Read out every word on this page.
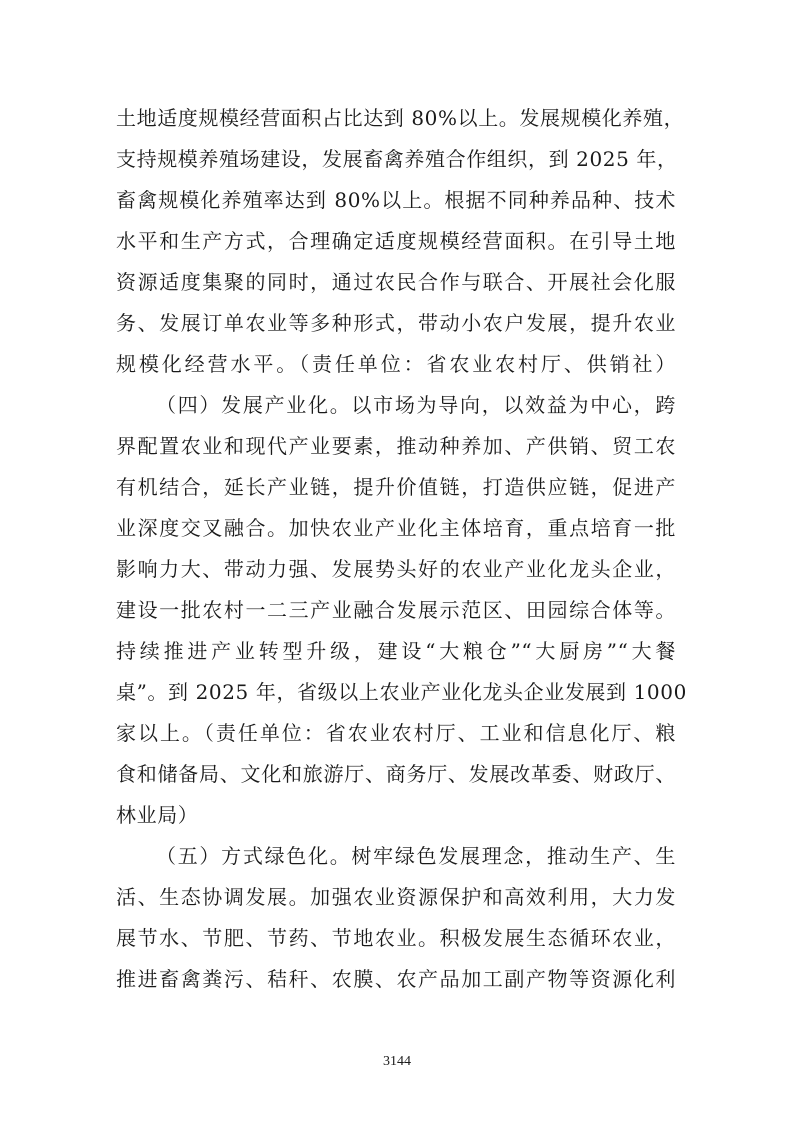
土地适度规模经营面积占比达到 80%以上。发展规模化养殖，
支持规模养殖场建设，发展畜禽养殖合作组织，到 2025 年，
畜禽规模化养殖率达到 80%以上。根据不同种养品种、技术
水平和生产方式，合理确定适度规模经营面积。在引导土地
资源适度集聚的同时，通过农民合作与联合、开展社会化服
务、发展订单农业等多种形式，带动小农户发展，提升农业
规模化经营水平。（责任单位：省农业农村厅、供销社）
（四）发展产业化。以市场为导向，以效益为中心，跨
界配置农业和现代产业要素，推动种养加、产供销、贸工农
有机结合，延长产业链，提升价值链，打造供应链，促进产
业深度交叉融合。加快农业产业化主体培育，重点培育一批
影响力大、带动力强、发展势头好的农业产业化龙头企业，
建设一批农村一二三产业融合发展示范区、田园综合体等。
持续推进产业转型升级，建设“大粮仓”“大厨房”“大餐
桌”。到 2025 年，省级以上农业产业化龙头企业发展到 1000
家以上。（责任单位：省农业农村厅、工业和信息化厅、粮
食和储备局、文化和旅游厅、商务厅、发展改革委、财政厅、
林业局）
（五）方式绿色化。树牢绿色发展理念，推动生产、生
活、生态协调发展。加强农业资源保护和高效利用，大力发
展节水、节肥、节药、节地农业。积极发展生态循环农业，
推进畜禽粪污、秸秆、农膜、农产品加工副产物等资源化利
3144
